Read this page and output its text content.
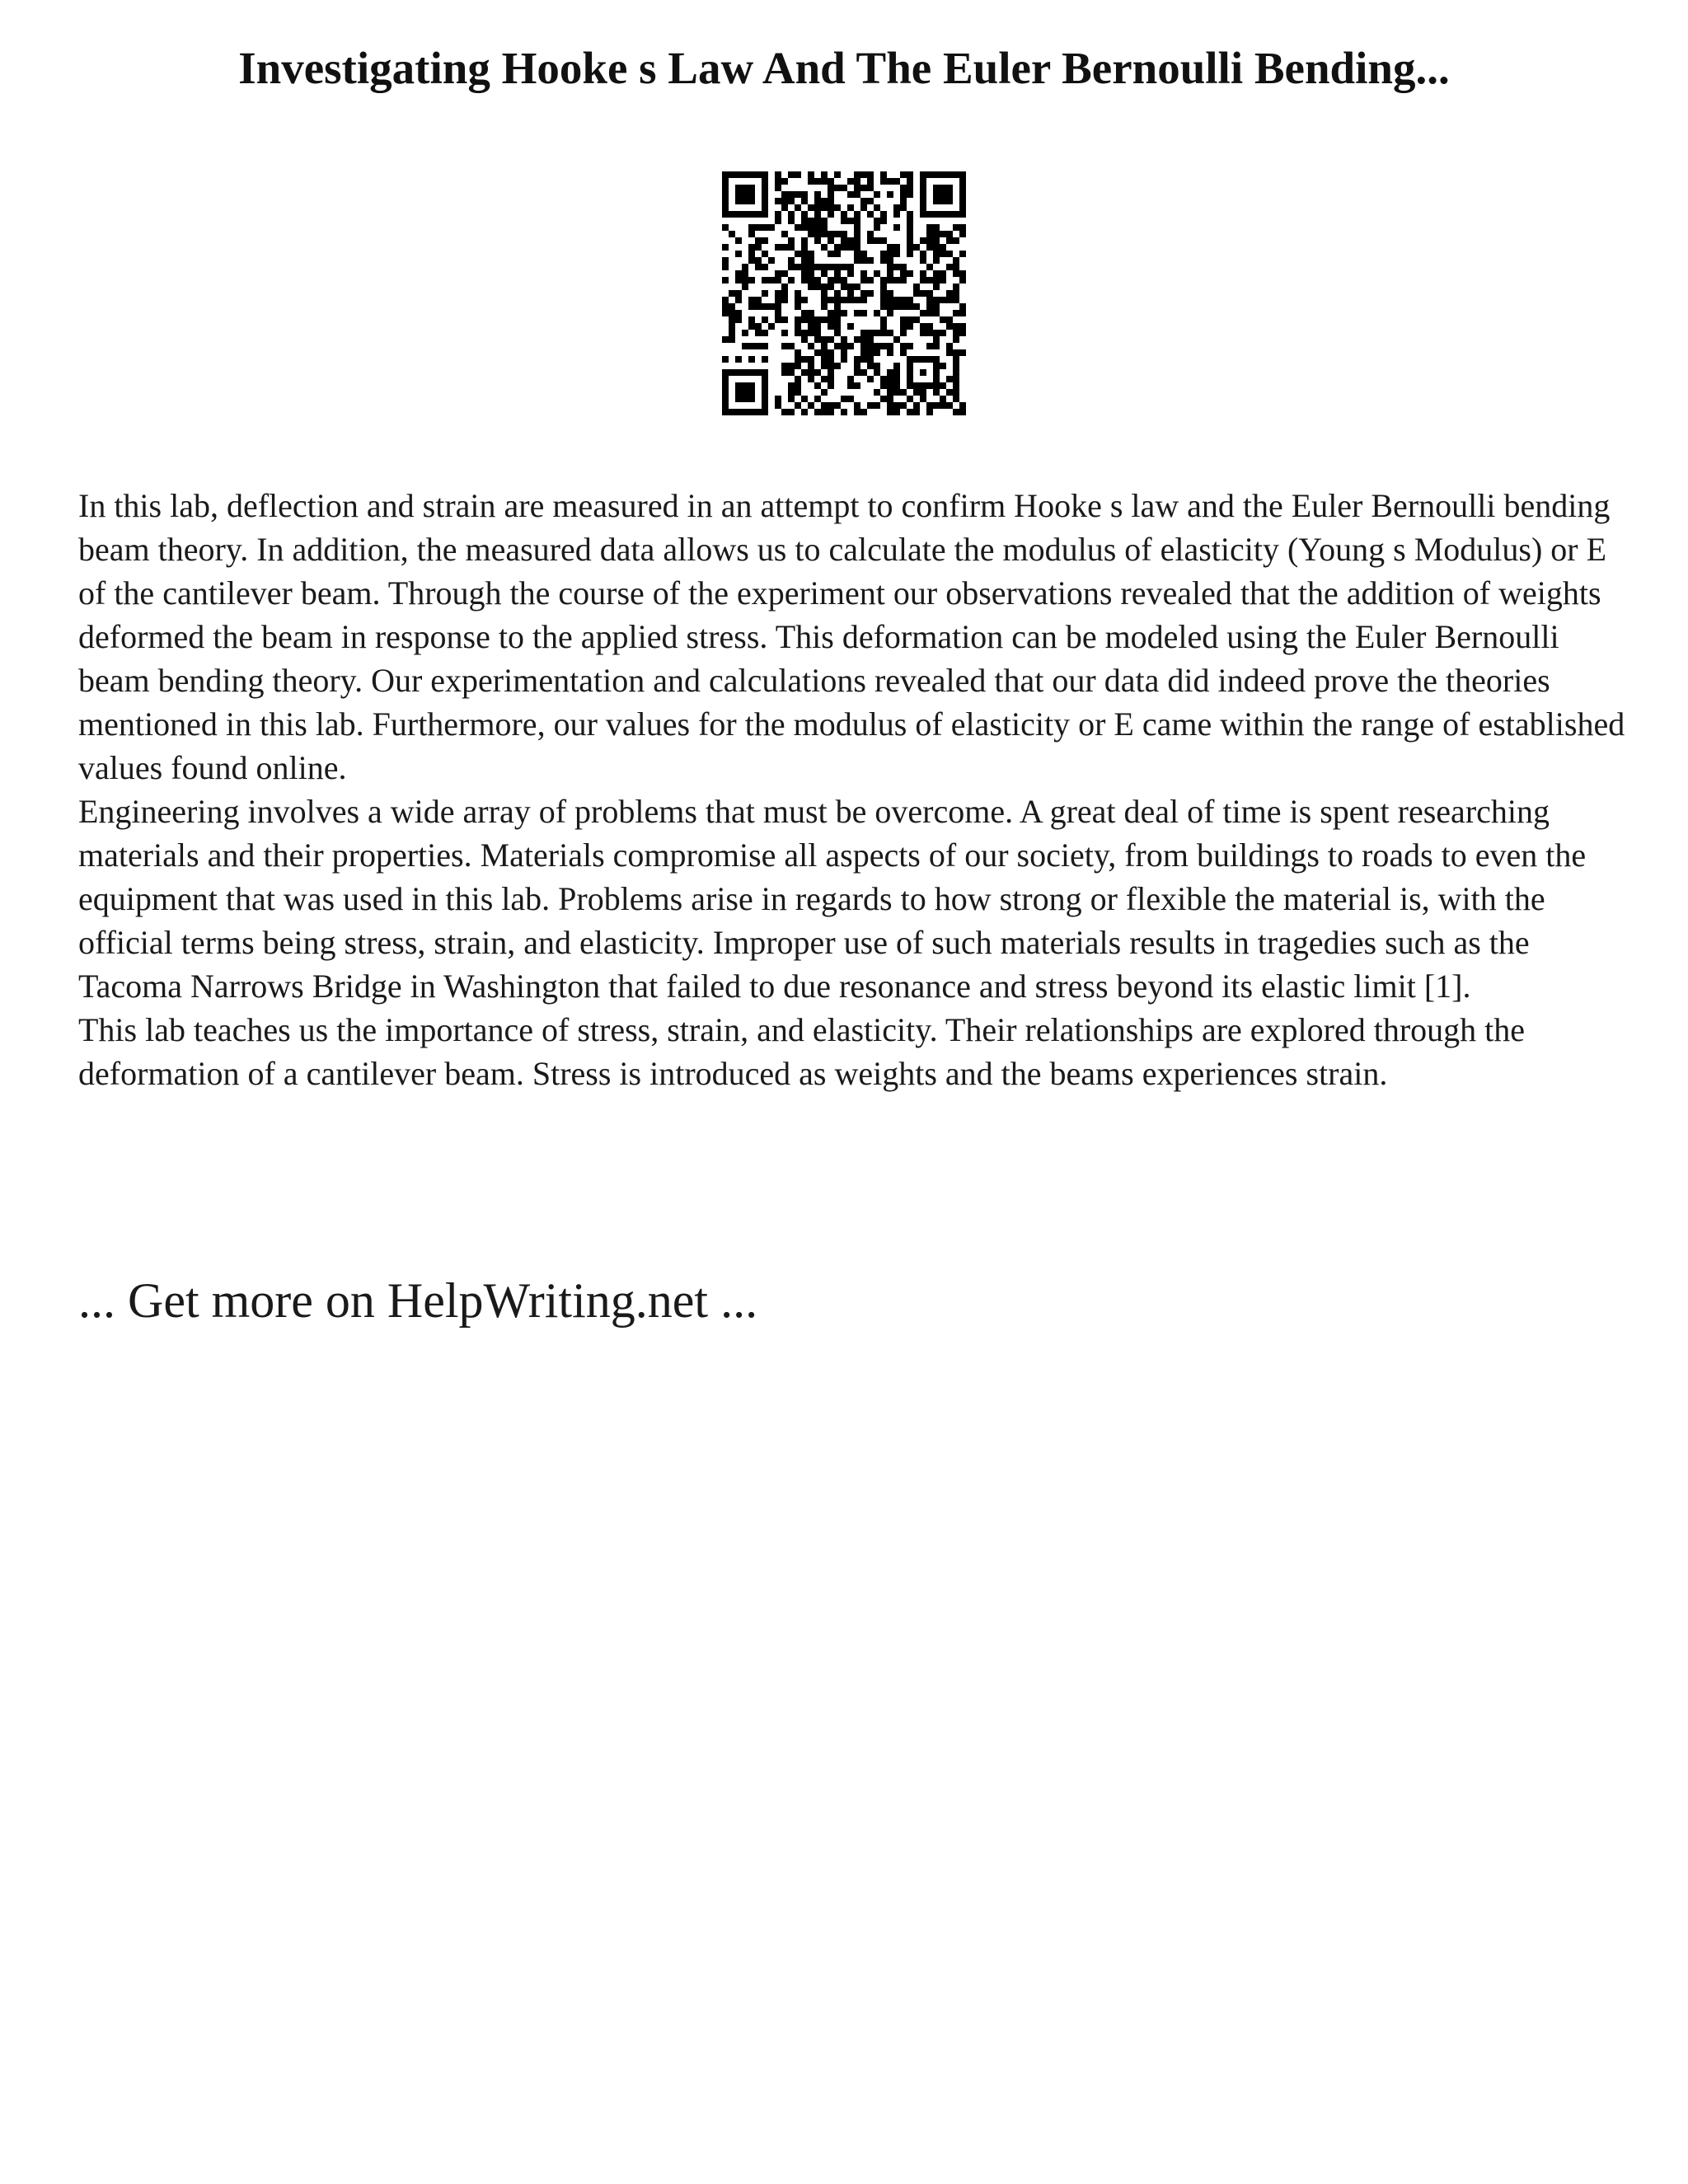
Investigating Hooke s Law And The Euler Bernoulli Bending...

In this lab, deflection and strain are measured in an attempt to confirm Hooke s law and the Euler Bernoulli bending beam theory. In addition, the measured data allows us to calculate the modulus of elasticity (Young s Modulus) or E of the cantilever beam. Through the course of the experiment our observations revealed that the addition of weights deformed the beam in response to the applied stress. This deformation can be modeled using the Euler Bernoulli beam bending theory. Our experimentation and calculations revealed that our data did indeed prove the theories mentioned in this lab. Furthermore, our values for the modulus of elasticity or E came within the range of established values found online.

Engineering involves a wide array of problems that must be overcome. A great deal of time is spent researching materials and their properties. Materials compromise all aspects of our society, from buildings to roads to even the equipment that was used in this lab. Problems arise in regards to how strong or flexible the material is, with the official terms being stress, strain, and elasticity. Improper use of such materials results in tragedies such as the Tacoma Narrows Bridge in Washington that failed to due resonance and stress beyond its elastic limit [1].

This lab teaches us the importance of stress, strain, and elasticity. Their relationships are explored through the deformation of a cantilever beam. Stress is introduced as weights and the beams experiences strain.

... Get more on HelpWriting.net ...
